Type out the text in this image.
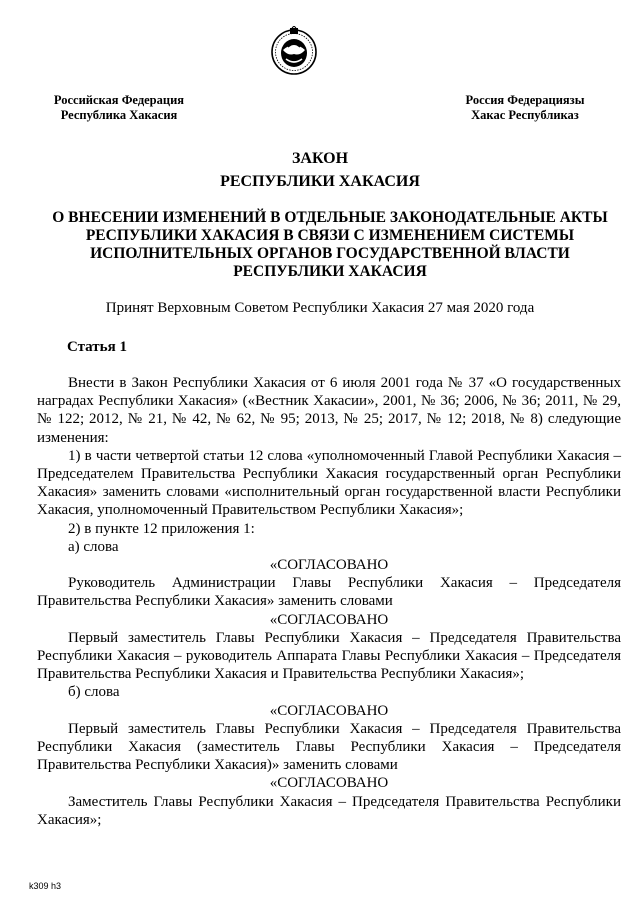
Российская Федерация
Республика Хакасия
Россия Федерациязы
Хакас Республиказ
ЗАКОН
РЕСПУБЛИКИ ХАКАСИЯ
О ВНЕСЕНИИ ИЗМЕНЕНИЙ В ОТДЕЛЬНЫЕ ЗАКОНОДАТЕЛЬНЫЕ АКТЫ РЕСПУБЛИКИ ХАКАСИЯ В СВЯЗИ С ИЗМЕНЕНИЕМ СИСТЕМЫ ИСПОЛНИТЕЛЬНЫХ ОРГАНОВ ГОСУДАРСТВЕННОЙ ВЛАСТИ РЕСПУБЛИКИ ХАКАСИЯ
Принят Верховным Советом Республики Хакасия 27 мая 2020 года
Статья 1

Внести в Закон Республики Хакасия от 6 июля 2001 года № 37 «О государственных наградах Республики Хакасия» («Вестник Хакасии», 2001, № 36; 2006, № 36; 2011, № 29, № 122; 2012, № 21, № 42, № 62, № 95; 2013, № 25; 2017, № 12; 2018, № 8) следующие изменения:

1) в части четвертой статьи 12 слова «уполномоченный Главой Республики Хакасия – Председателем Правительства Республики Хакасия государственный орган Республики Хакасия» заменить словами «исполнительный орган государственной власти Республики Хакасия, уполномоченный Правительством Республики Хакасия»;

2) в пункте 12 приложения 1:

а) слова

«СОГЛАСОВАНО

Руководитель Администрации Главы Республики Хакасия – Председателя Правительства Республики Хакасия» заменить словами

«СОГЛАСОВАНО

Первый заместитель Главы Республики Хакасия – Председателя Правительства Республики Хакасия – руководитель Аппарата Главы Республики Хакасия – Председателя Правительства Республики Хакасия и Правительства Республики Хакасия»;

б) слова

«СОГЛАСОВАНО

Первый заместитель Главы Республики Хакасия – Председателя Правительства Республики Хакасия (заместитель Главы Республики Хакасия – Председателя Правительства Республики Хакасия)» заменить словами

«СОГЛАСОВАНО

Заместитель Главы Республики Хакасия – Председателя Правительства Республики Хакасия»;

k309 h3
